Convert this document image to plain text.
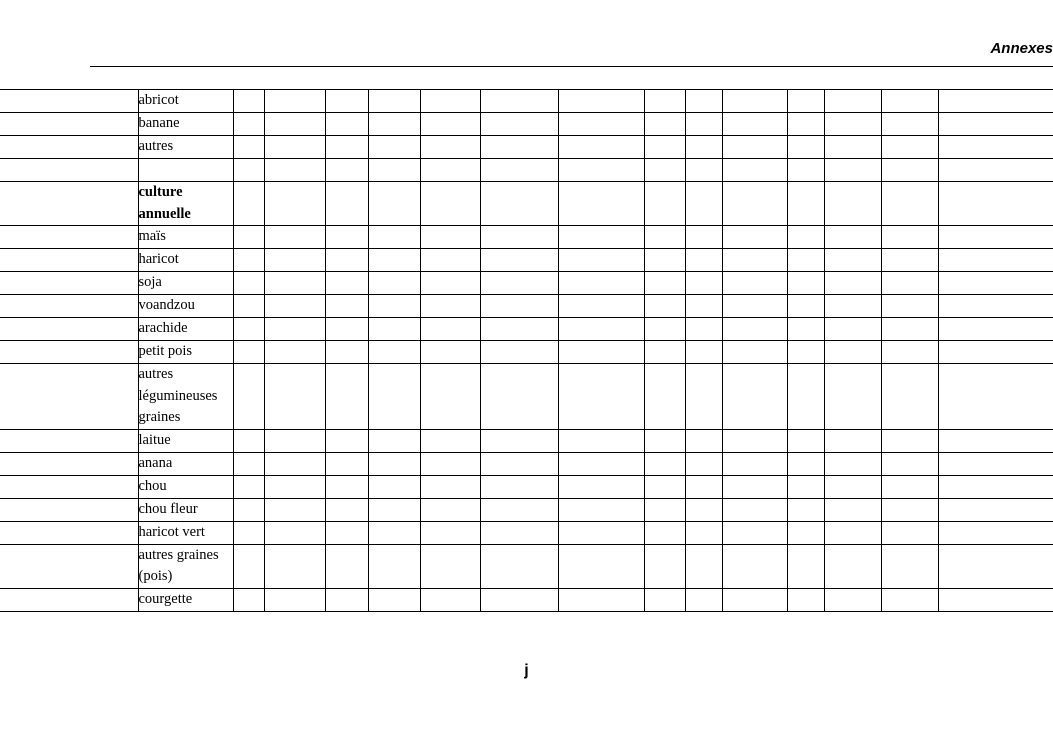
Annexes

	abricot														

	banane														

	autres														

	culture
annuelle														

	maïs														

	haricot														

	soja														

	voandzou														

	arachide														

	petit pois														

	autres
légumineuses
graines														

	laitue														

	anana														

	chou														

	chou fleur														

	haricot vert														

	autres graines
(pois)														

	courgette														

j
